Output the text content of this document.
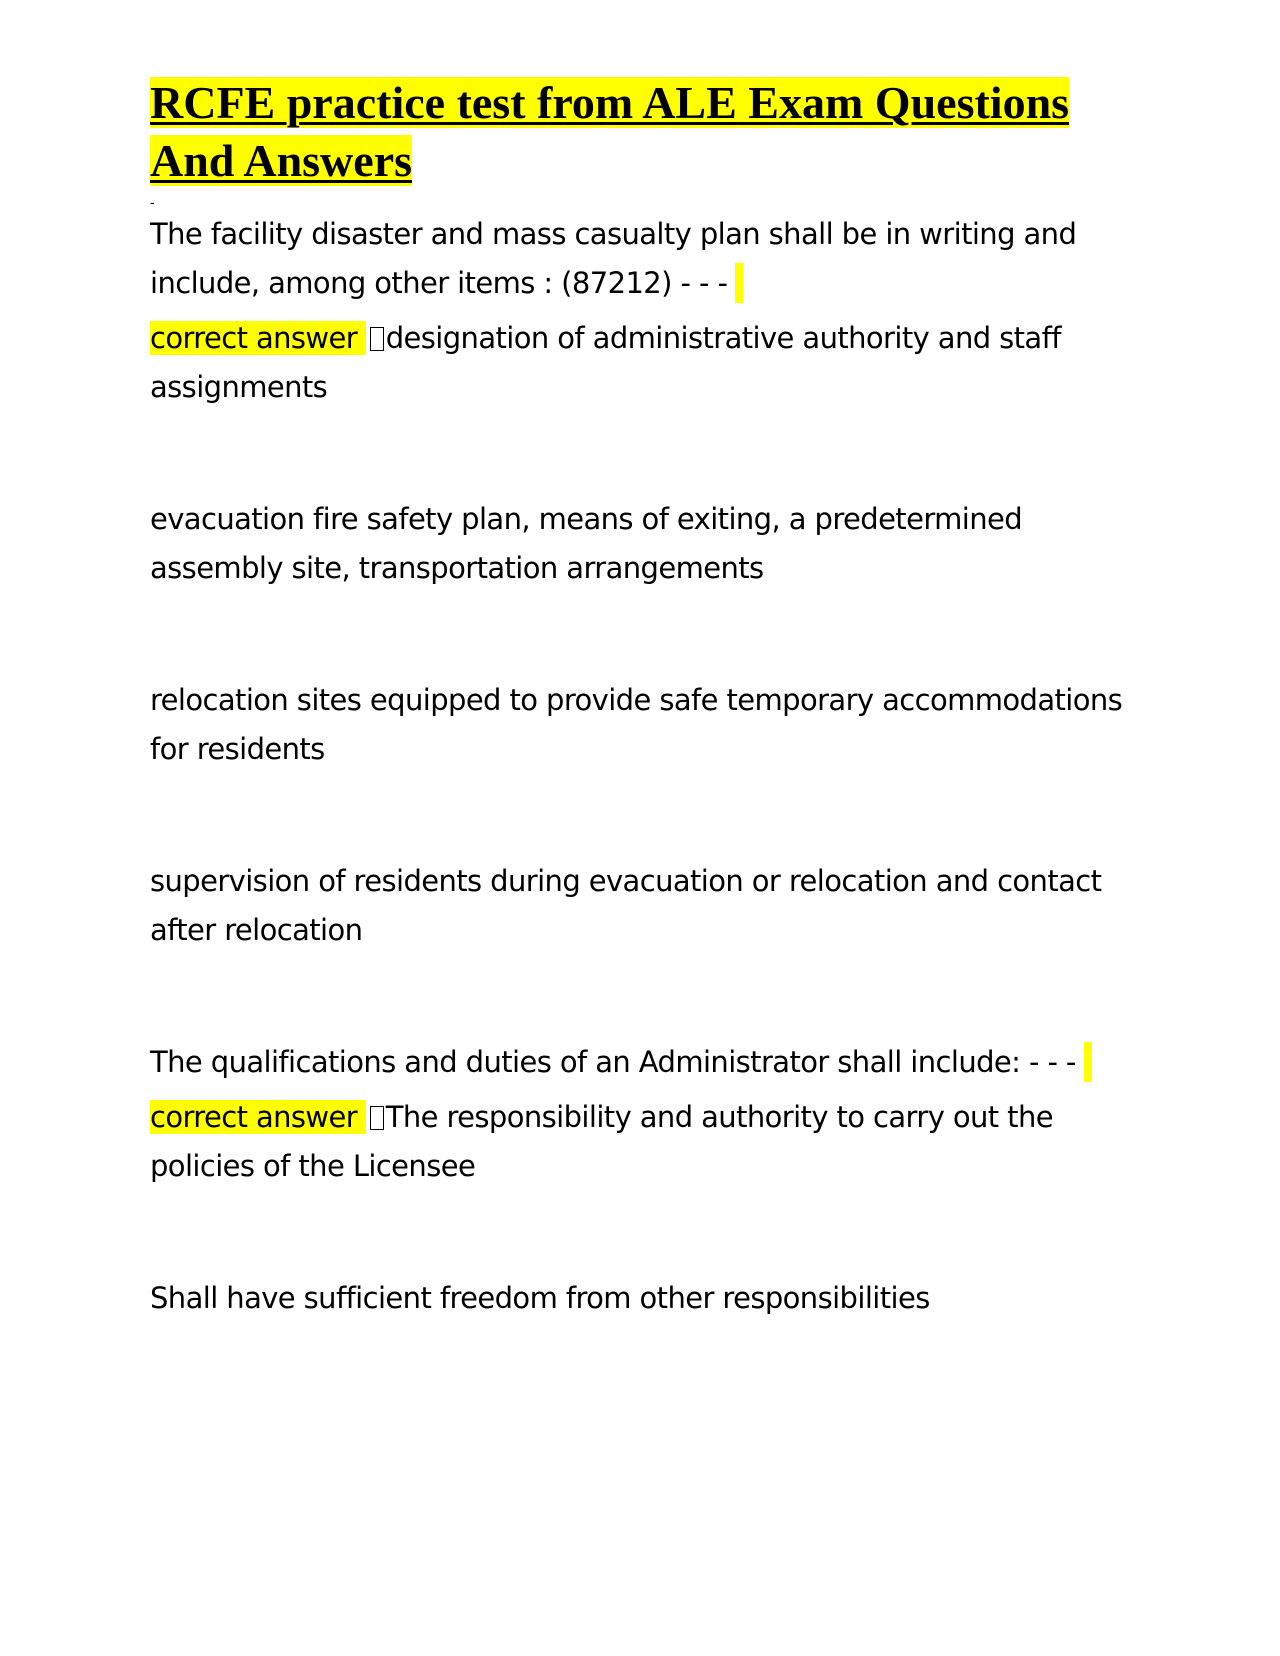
RCFE practice test from ALE Exam Questions And Answers
-

The facility disaster and mass casualty plan shall be in writing and include, among other items : (87212) - - -

correct answer designation of administrative authority and staff assignments

evacuation fire safety plan, means of exiting, a predetermined assembly site, transportation arrangements

relocation sites equipped to provide safe temporary accommodations for residents

supervision of residents during evacuation or relocation and contact after relocation

The qualifications and duties of an Administrator shall include: - - -

correct answer The responsibility and authority to carry out the policies of the Licensee

Shall have sufficient freedom from other responsibilities
